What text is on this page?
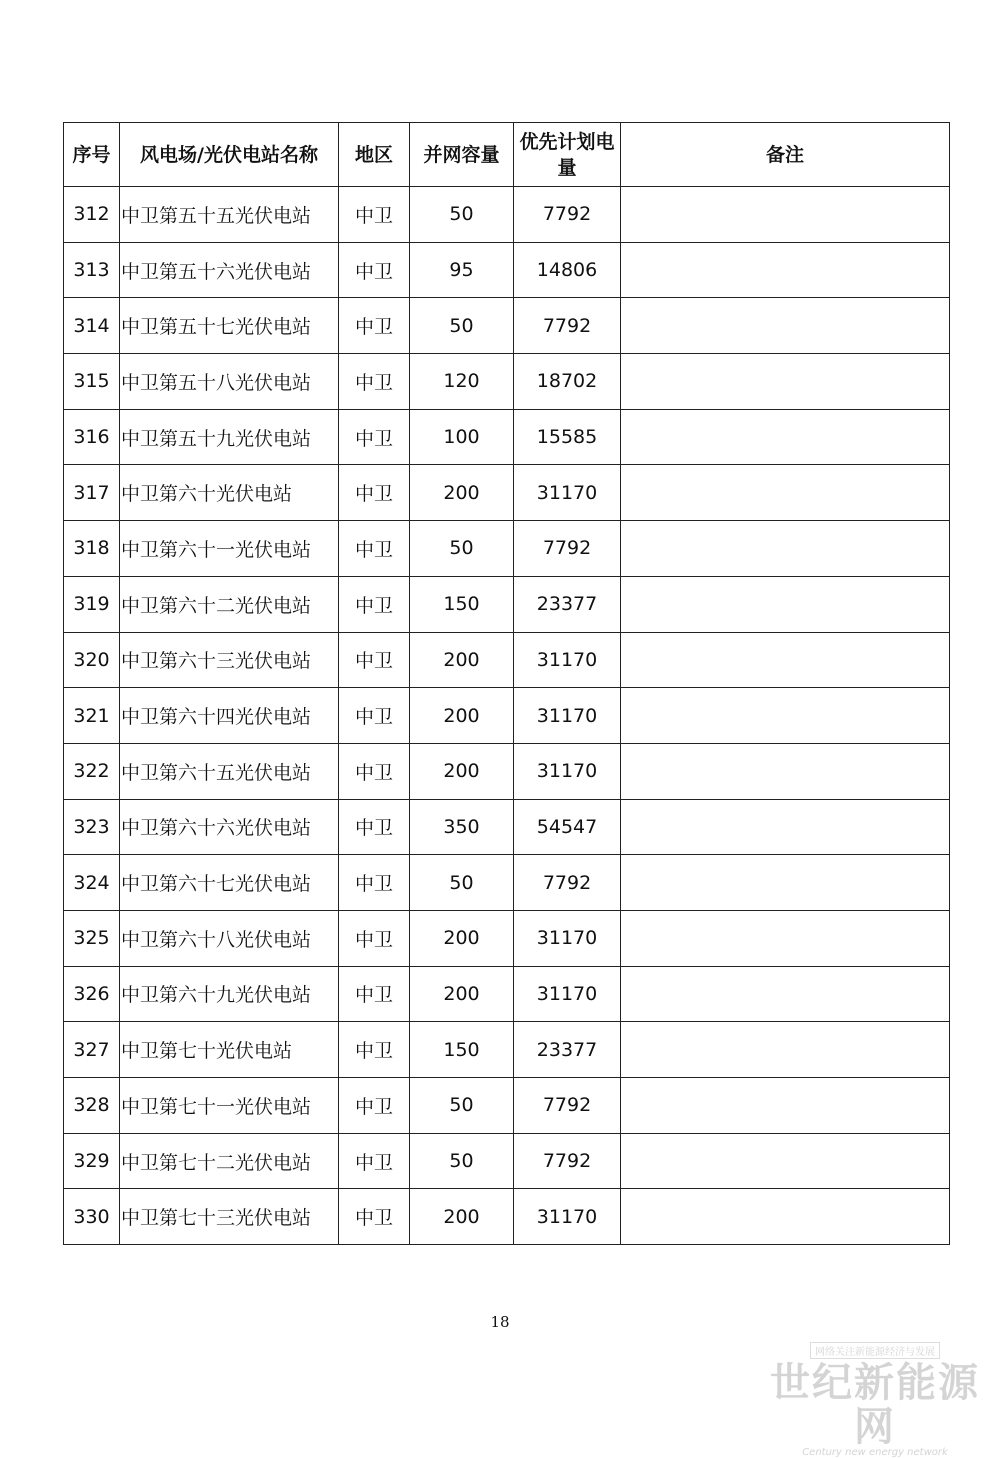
序号	风电场/光伏电站名称	地区	并网容量	优先计划电量	备注
312	中卫第五十五光伏电站	中卫	50	7792	
313	中卫第五十六光伏电站	中卫	95	14806	
314	中卫第五十七光伏电站	中卫	50	7792	
315	中卫第五十八光伏电站	中卫	120	18702	
316	中卫第五十九光伏电站	中卫	100	15585	
317	中卫第六十光伏电站	中卫	200	31170	
318	中卫第六十一光伏电站	中卫	50	7792	
319	中卫第六十二光伏电站	中卫	150	23377	
320	中卫第六十三光伏电站	中卫	200	31170	
321	中卫第六十四光伏电站	中卫	200	31170	
322	中卫第六十五光伏电站	中卫	200	31170	
323	中卫第六十六光伏电站	中卫	350	54547	
324	中卫第六十七光伏电站	中卫	50	7792	
325	中卫第六十八光伏电站	中卫	200	31170	
326	中卫第六十九光伏电站	中卫	200	31170	
327	中卫第七十光伏电站	中卫	150	23377	
328	中卫第七十一光伏电站	中卫	50	7792	
329	中卫第七十二光伏电站	中卫	50	7792	
330	中卫第七十三光伏电站	中卫	200	31170	
18
网络关注新能源经济与发展
世纪新能源网
Century new energy network
